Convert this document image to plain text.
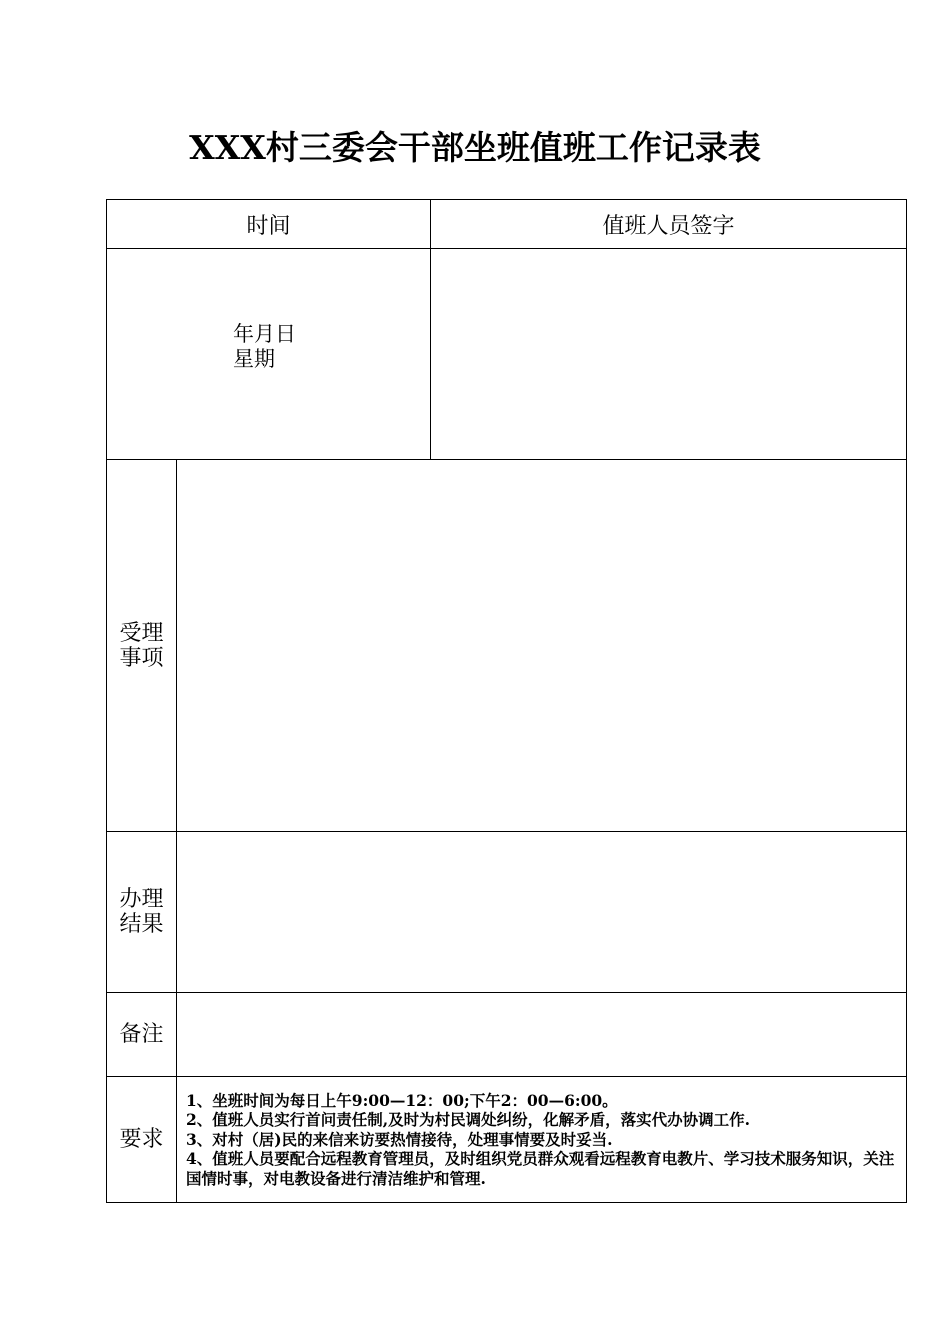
XXX村三委会干部坐班值班工作记录表
时间		值班人员签字

年月日
星期		

受理
事项		

办理
结果		

备注		
要求	1、坐班时间为每日上午9:00—12：00;下午2：00—6:00。
2、值班人员实行首问责任制,及时为村民调处纠纷，化解矛盾，落实代办协调工作.
3、对村（居)民的来信来访要热情接待，处理事情要及时妥当.
4、值班人员要配合远程教育管理员，及时组织党员群众观看远程教育电教片、学习技术服务知识，关注国情时事，对电教设备进行清洁维护和管理.	
